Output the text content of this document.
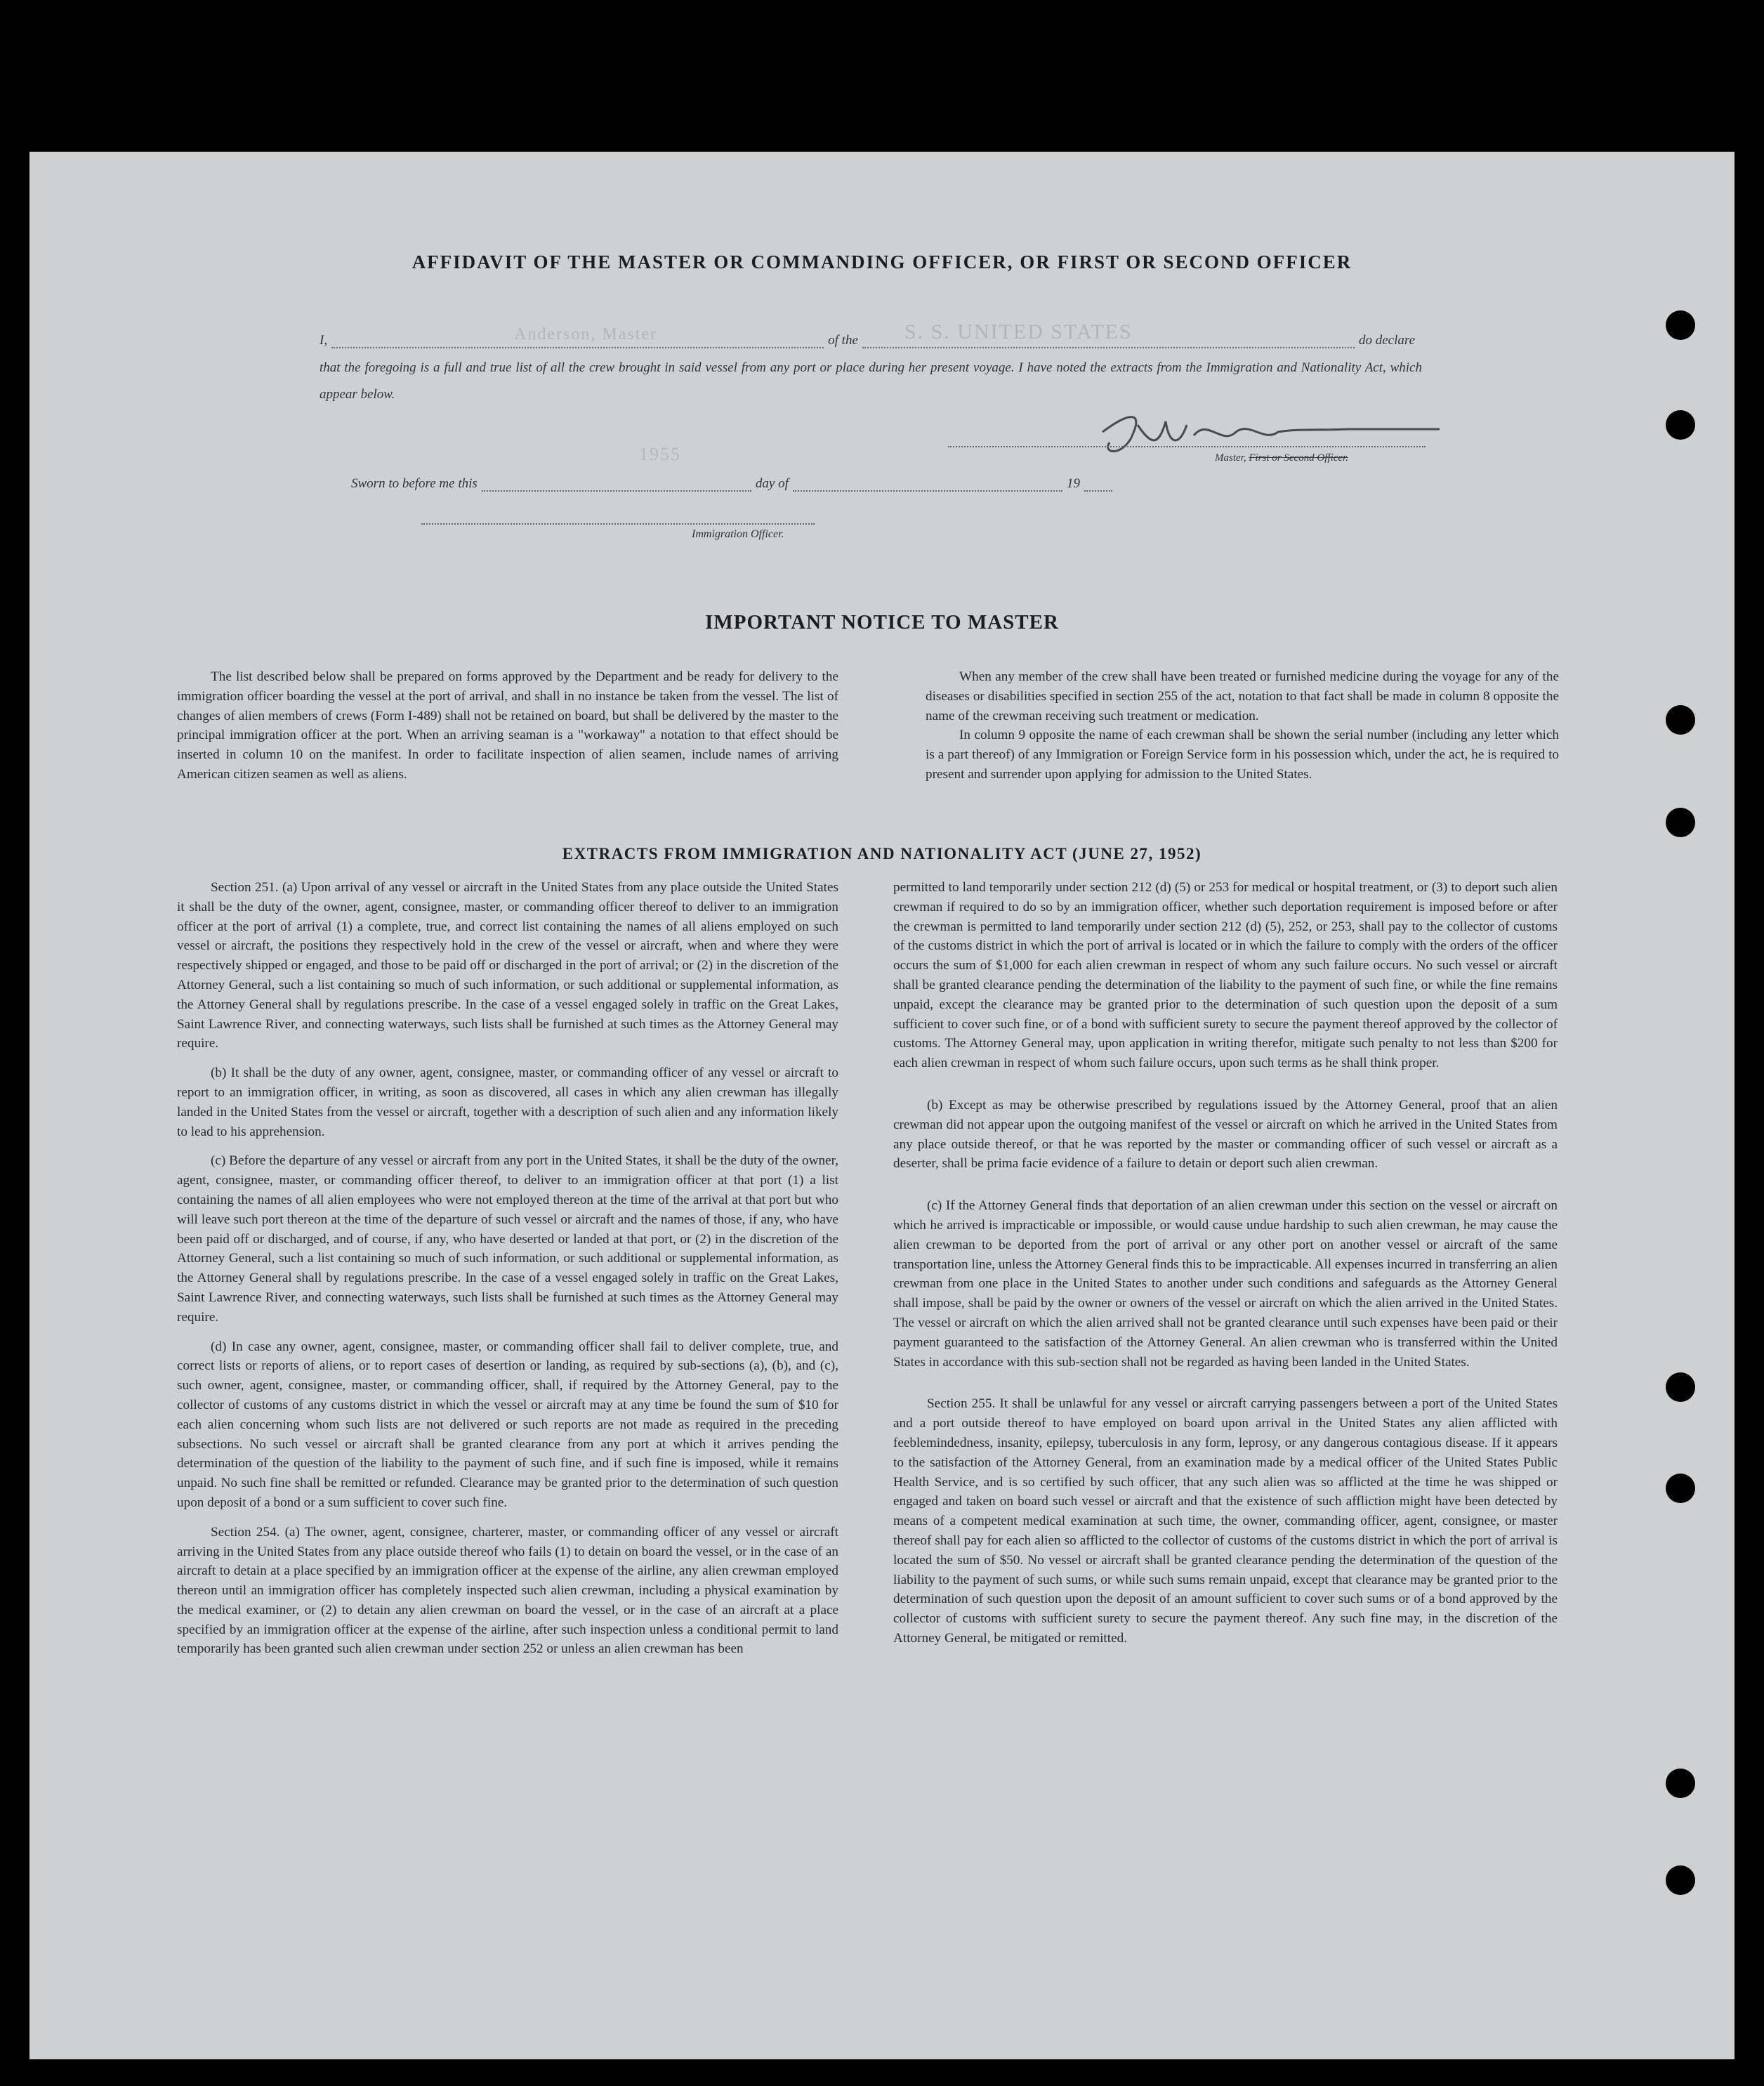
AFFIDAVIT OF THE MASTER OR COMMANDING OFFICER, OR FIRST OR SECOND OFFICER
I,	Anderson, Master	of the S. S. UNITED STATES	do declare
that the foregoing is a full and true list of all the crew brought in said vessel from any port or place during her present voyage. I have noted the extracts from the Immigration and Nationality Act, which appear below.
Master, First or Second Officer.
1955
Sworn to before me this	day of	19
Immigration Officer.
IMPORTANT NOTICE TO MASTER

The list described below shall be prepared on forms approved by the Department and be ready for delivery to the immigration officer boarding the vessel at the port of arrival, and shall in no instance be taken from the vessel. The list of changes of alien members of crews (Form I-489) shall not be retained on board, but shall be delivered by the master to the principal immigration officer at the port. When an arriving seaman is a "workaway" a notation to that effect should be inserted in column 10 on the manifest. In order to facilitate inspection of alien seamen, include names of arriving American citizen seamen as well as aliens.

When any member of the crew shall have been treated or furnished medicine during the voyage for any of the diseases or disabilities specified in section 255 of the act, notation to that fact shall be made in column 8 opposite the name of the crewman receiving such treatment or medication.

In column 9 opposite the name of each crewman shall be shown the serial number (including any letter which is a part thereof) of any Immigration or Foreign Service form in his possession which, under the act, he is required to present and surrender upon applying for admission to the United States.

EXTRACTS FROM IMMIGRATION AND NATIONALITY ACT (JUNE 27, 1952)

Section 251. (a) Upon arrival of any vessel or aircraft in the United States from any place outside the United States it shall be the duty of the owner, agent, consignee, master, or commanding officer thereof to deliver to an immigration officer at the port of arrival (1) a complete, true, and correct list containing the names of all aliens employed on such vessel or aircraft, the positions they respectively hold in the crew of the vessel or aircraft, when and where they were respectively shipped or engaged, and those to be paid off or discharged in the port of arrival; or (2) in the discretion of the Attorney General, such a list containing so much of such information, or such additional or supplemental information, as the Attorney General shall by regulations prescribe. In the case of a vessel engaged solely in traffic on the Great Lakes, Saint Lawrence River, and connecting waterways, such lists shall be furnished at such times as the Attorney General may require.

(b) It shall be the duty of any owner, agent, consignee, master, or commanding officer of any vessel or aircraft to report to an immigration officer, in writing, as soon as discovered, all cases in which any alien crewman has illegally landed in the United States from the vessel or aircraft, together with a description of such alien and any information likely to lead to his apprehension.

(c) Before the departure of any vessel or aircraft from any port in the United States, it shall be the duty of the owner, agent, consignee, master, or commanding officer thereof, to deliver to an immigration officer at that port (1) a list containing the names of all alien employees who were not employed thereon at the time of the arrival at that port but who will leave such port thereon at the time of the departure of such vessel or aircraft and the names of those, if any, who have been paid off or discharged, and of course, if any, who have deserted or landed at that port, or (2) in the discretion of the Attorney General, such a list containing so much of such information, or such additional or supplemental information, as the Attorney General shall by regulations prescribe. In the case of a vessel engaged solely in traffic on the Great Lakes, Saint Lawrence River, and connecting waterways, such lists shall be furnished at such times as the Attorney General may require.

(d) In case any owner, agent, consignee, master, or commanding officer shall fail to deliver complete, true, and correct lists or reports of aliens, or to report cases of desertion or landing, as required by sub-sections (a), (b), and (c), such owner, agent, consignee, master, or commanding officer, shall, if required by the Attorney General, pay to the collector of customs of any customs district in which the vessel or aircraft may at any time be found the sum of $10 for each alien concerning whom such lists are not delivered or such reports are not made as required in the preceding subsections. No such vessel or aircraft shall be granted clearance from any port at which it arrives pending the determination of the question of the liability to the payment of such fine, and if such fine is imposed, while it remains unpaid. No such fine shall be remitted or refunded. Clearance may be granted prior to the determination of such question upon deposit of a bond or a sum sufficient to cover such fine.

Section 254. (a) The owner, agent, consignee, charterer, master, or commanding officer of any vessel or aircraft arriving in the United States from any place outside thereof who fails (1) to detain on board the vessel, or in the case of an aircraft to detain at a place specified by an immigration officer at the expense of the airline, any alien crewman employed thereon until an immigration officer has completely inspected such alien crewman, including a physical examination by the medical examiner, or (2) to detain any alien crewman on board the vessel, or in the case of an aircraft at a place specified by an immigration officer at the expense of the airline, after such inspection unless a conditional permit to land temporarily has been granted such alien crewman under section 252 or unless an alien crewman has been

permitted to land temporarily under section 212 (d) (5) or 253 for medical or hospital treatment, or (3) to deport such alien crewman if required to do so by an immigration officer, whether such deportation requirement is imposed before or after the crewman is permitted to land temporarily under section 212 (d) (5), 252, or 253, shall pay to the collector of customs of the customs district in which the port of arrival is located or in which the failure to comply with the orders of the officer occurs the sum of $1,000 for each alien crewman in respect of whom any such failure occurs. No such vessel or aircraft shall be granted clearance pending the determination of the liability to the payment of such fine, or while the fine remains unpaid, except the clearance may be granted prior to the determination of such question upon the deposit of a sum sufficient to cover such fine, or of a bond with sufficient surety to secure the payment thereof approved by the collector of customs. The Attorney General may, upon application in writing therefor, mitigate such penalty to not less than $200 for each alien crewman in respect of whom such failure occurs, upon such terms as he shall think proper.

(b) Except as may be otherwise prescribed by regulations issued by the Attorney General, proof that an alien crewman did not appear upon the outgoing manifest of the vessel or aircraft on which he arrived in the United States from any place outside thereof, or that he was reported by the master or commanding officer of such vessel or aircraft as a deserter, shall be prima facie evidence of a failure to detain or deport such alien crewman.

(c) If the Attorney General finds that deportation of an alien crewman under this section on the vessel or aircraft on which he arrived is impracticable or impossible, or would cause undue hardship to such alien crewman, he may cause the alien crewman to be deported from the port of arrival or any other port on another vessel or aircraft of the same transportation line, unless the Attorney General finds this to be impracticable. All expenses incurred in transferring an alien crewman from one place in the United States to another under such conditions and safeguards as the Attorney General shall impose, shall be paid by the owner or owners of the vessel or aircraft on which the alien arrived in the United States. The vessel or aircraft on which the alien arrived shall not be granted clearance until such expenses have been paid or their payment guaranteed to the satisfaction of the Attorney General. An alien crewman who is transferred within the United States in accordance with this sub-section shall not be regarded as having been landed in the United States.

Section 255. It shall be unlawful for any vessel or aircraft carrying passengers between a port of the United States and a port outside thereof to have employed on board upon arrival in the United States any alien afflicted with feeblemindedness, insanity, epilepsy, tuberculosis in any form, leprosy, or any dangerous contagious disease. If it appears to the satisfaction of the Attorney General, from an examination made by a medical officer of the United States Public Health Service, and is so certified by such officer, that any such alien was so afflicted at the time he was shipped or engaged and taken on board such vessel or aircraft and that the existence of such affliction might have been detected by means of a competent medical examination at such time, the owner, commanding officer, agent, consignee, or master thereof shall pay for each alien so afflicted to the collector of customs of the customs district in which the port of arrival is located the sum of $50. No vessel or aircraft shall be granted clearance pending the determination of the question of the liability to the payment of such sums, or while such sums remain unpaid, except that clearance may be granted prior to the determination of such question upon the deposit of an amount sufficient to cover such sums or of a bond approved by the collector of customs with sufficient surety to secure the payment thereof. Any such fine may, in the discretion of the Attorney General, be mitigated or remitted.
